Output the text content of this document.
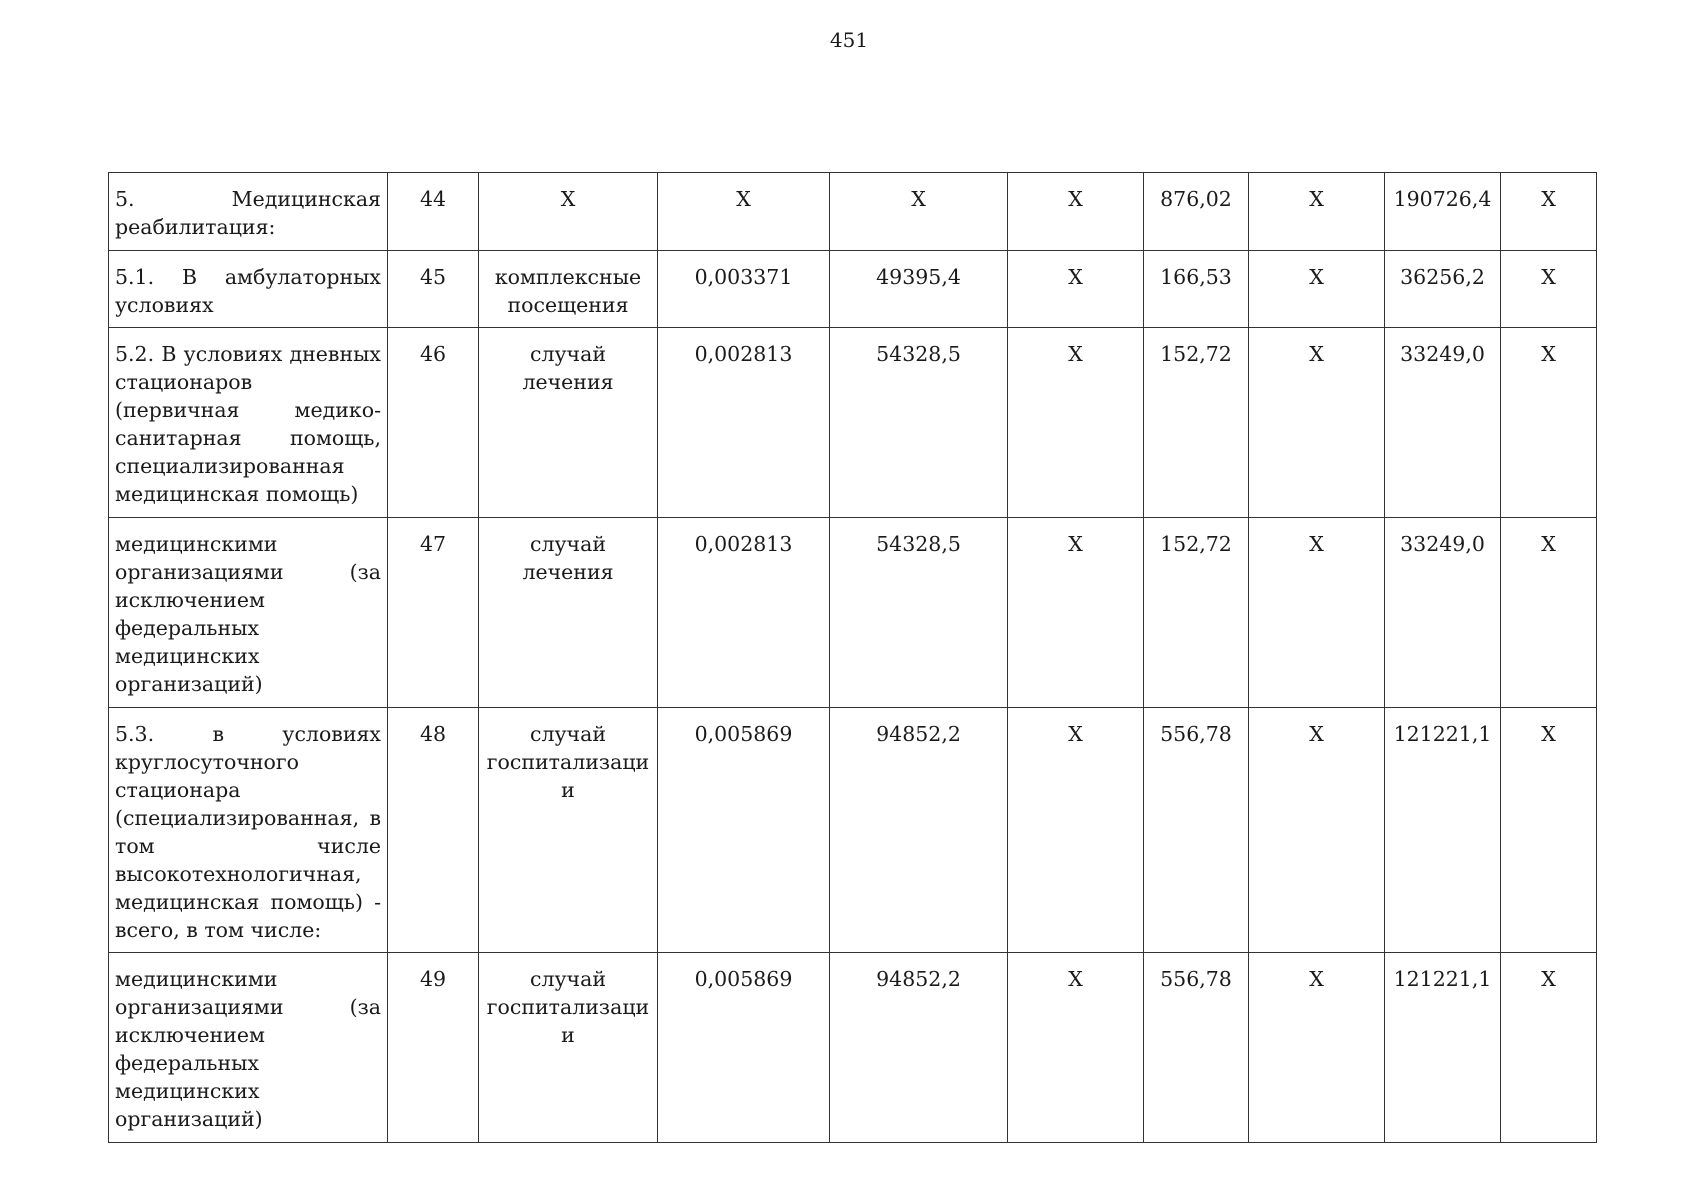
451
5. Медицинская реабилитация:	44	Х	Х	Х	Х	876,02	Х	190726,4	Х
5.1. В амбулаторных условиях	45	комплексные посещения	0,003371	49395,4	Х	166,53	Х	36256,2	Х
5.2. В условиях дневных стационаров (первичная медико-санитарная помощь, специализированная медицинская помощь)	46	случай лечения	0,002813	54328,5	Х	152,72	Х	33249,0	Х
медицинскими организациями (за исключением федеральных медицинских организаций)	47	случай лечения	0,002813	54328,5	Х	152,72	Х	33249,0	Х
5.3. в условиях круглосуточного стационара (специализированная, в том числе высокотехнологичная, медицинская помощь) - всего, в том числе:	48	случай госпитализации	0,005869	94852,2	Х	556,78	Х	121221,1	Х
медицинскими организациями (за исключением федеральных медицинских организаций)	49	случай госпитализации	0,005869	94852,2	Х	556,78	Х	121221,1	Х
